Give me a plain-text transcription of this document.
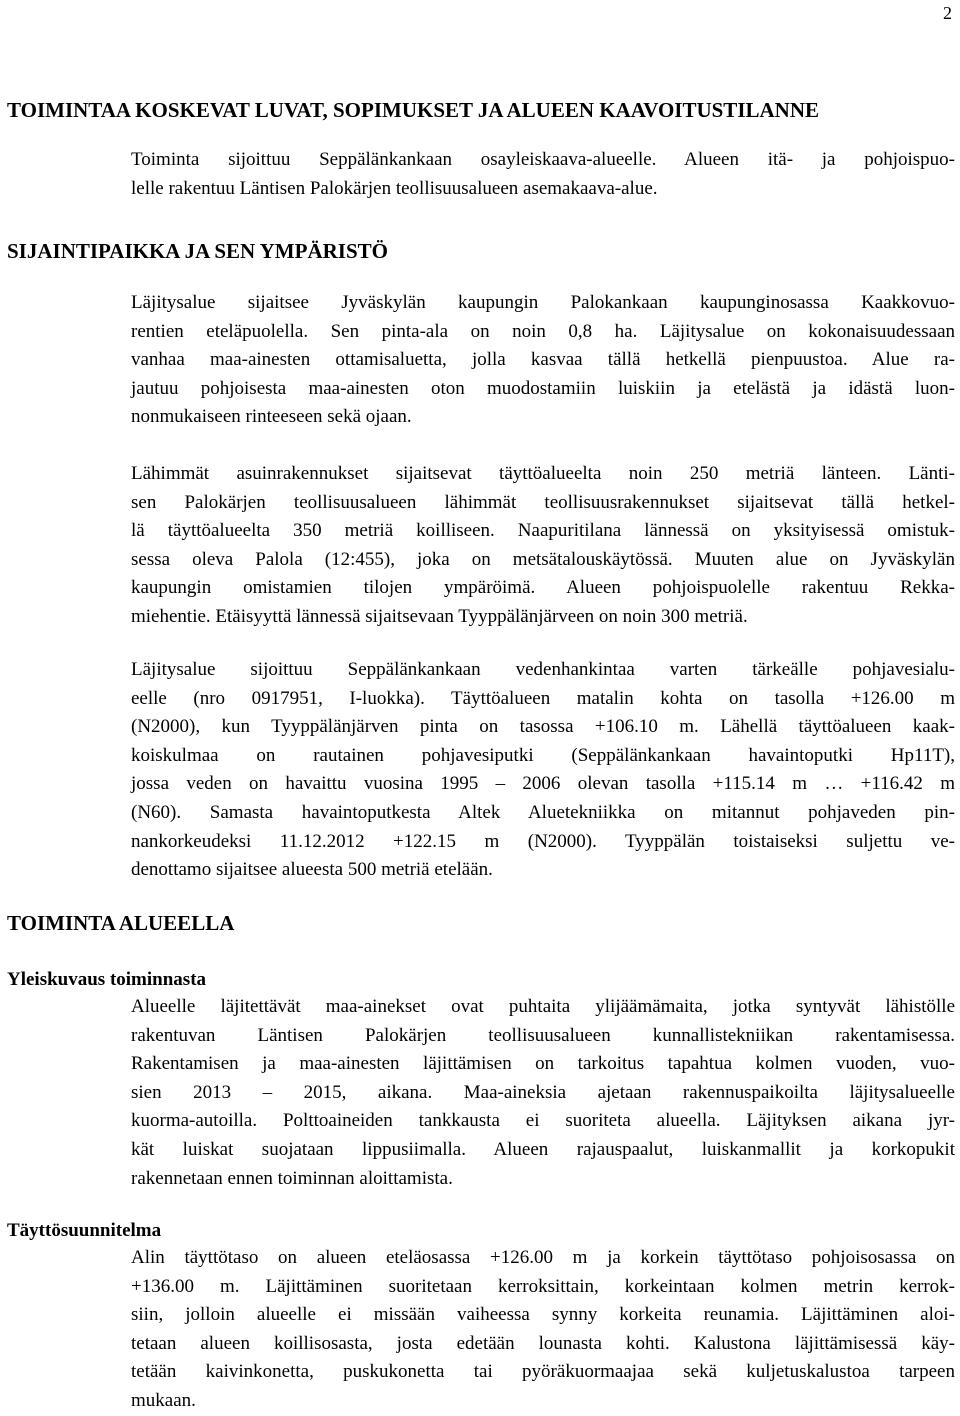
2
TOIMINTAA KOSKEVAT LUVAT, SOPIMUKSET JA ALUEEN KAAVOITUSTILANNE

Toiminta sijoittuu Seppälänkankaan osayleiskaava-alueelle. Alueen itä- ja pohjoispuo-
lelle rakentuu Läntisen Palokärjen teollisuusalueen asemakaava-alue.

SIJAINTIPAIKKA JA SEN YMPÄRISTÖ

Läjitysalue sijaitsee Jyväskylän kaupungin Palokankaan kaupunginosassa Kaakkovuo-
rentien eteläpuolella. Sen pinta-ala on noin 0,8 ha. Läjitysalue on kokonaisuudessaan
vanhaa maa-ainesten ottamisaluetta, jolla kasvaa tällä hetkellä pienpuustoa. Alue ra-
jautuu pohjoisesta maa-ainesten oton muodostamiin luiskiin ja etelästä ja idästä luon-
nonmukaiseen rinteeseen sekä ojaan.

Lähimmät asuinrakennukset sijaitsevat täyttöalueelta noin 250 metriä länteen. Länti-
sen Palokärjen teollisuusalueen lähimmät teollisuusrakennukset sijaitsevat tällä hetkel-
lä täyttöalueelta 350 metriä koilliseen. Naapuritilana lännessä on yksityisessä omistuk-
sessa oleva Palola (12:455), joka on metsätalouskäytössä. Muuten alue on Jyväskylän
kaupungin omistamien tilojen ympäröimä. Alueen pohjoispuolelle rakentuu Rekka-
miehentie. Etäisyyttä lännessä sijaitsevaan Tyyppälänjärveen on noin 300 metriä.

Läjitysalue sijoittuu Seppälänkankaan vedenhankintaa varten tärkeälle pohjavesialu-
eelle (nro 0917951, I-luokka). Täyttöalueen matalin kohta on tasolla +126.00 m
(N2000), kun Tyyppälänjärven pinta on tasossa +106.10 m. Lähellä täyttöalueen kaak-
koiskulmaa on rautainen pohjavesiputki (Seppälänkankaan havaintoputki Hp11T),
jossa veden on havaittu vuosina 1995 – 2006 olevan tasolla +115.14 m … +116.42 m
(N60). Samasta havaintoputkesta Altek Aluetekniikka on mitannut pohjaveden pin-
nankorkeudeksi 11.12.2012 +122.15 m (N2000). Tyyppälän toistaiseksi suljettu ve-
denottamo sijaitsee alueesta 500 metriä etelään.

TOIMINTA ALUEELLA
Yleiskuvaus toiminnasta

Alueelle läjitettävät maa-ainekset ovat puhtaita ylijäämämaita, jotka syntyvät lähistölle
rakentuvan Läntisen Palokärjen teollisuusalueen kunnallistekniikan rakentamisessa.
Rakentamisen ja maa-ainesten läjittämisen on tarkoitus tapahtua kolmen vuoden, vuo-
sien 2013 – 2015, aikana. Maa-aineksia ajetaan rakennuspaikoilta läjitysalueelle
kuorma-autoilla. Polttoaineiden tankkausta ei suoriteta alueella. Läjityksen aikana jyr-
kät luiskat suojataan lippusiimalla. Alueen rajauspaalut, luiskanmallit ja korkopukit
rakennetaan ennen toiminnan aloittamista.

Täyttösuunnitelma

Alin täyttötaso on alueen eteläosassa +126.00 m ja korkein täyttötaso pohjoisosassa on
+136.00 m. Läjittäminen suoritetaan kerroksittain, korkeintaan kolmen metrin kerrok-
siin, jolloin alueelle ei missään vaiheessa synny korkeita reunamia. Läjittäminen aloi-
tetaan alueen koillisosasta, josta edetään lounasta kohti. Kalustona läjittämisessä käy-
tetään kaivinkonetta, puskukonetta tai pyöräkuormaajaa sekä kuljetuskalustoa tarpeen
mukaan.
